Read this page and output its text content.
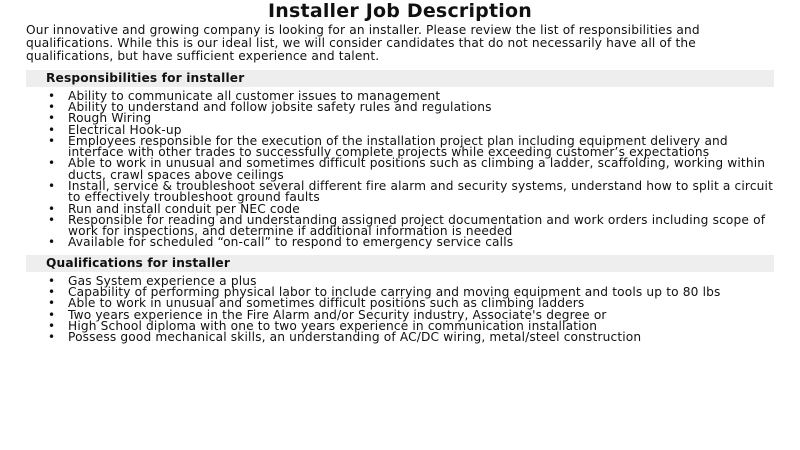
Installer Job Description

Our innovative and growing company is looking for an installer. Please review the list of responsibilities and qualifications. While this is our ideal list, we will consider candidates that do not necessarily have all of the qualifications, but have sufficient experience and talent.

Responsibilities for installer
• Ability to communicate all customer issues to management
• Ability to understand and follow jobsite safety rules and regulations
• Rough Wiring
• Electrical Hook-up
• Employees responsible for the execution of the installation project plan including equipment delivery and interface with other trades to successfully complete projects while exceeding customer’s expectations
• Able to work in unusual and sometimes difficult positions such as climbing a ladder, scaffolding, working within ducts, crawl spaces above ceilings
• Install, service & troubleshoot several different fire alarm and security systems, understand how to split a circuit to effectively troubleshoot ground faults
• Run and install conduit per NEC code
• Responsible for reading and understanding assigned project documentation and work orders including scope of work for inspections, and determine if additional information is needed
• Available for scheduled “on-call” to respond to emergency service calls
Qualifications for installer
• Gas System experience a plus
• Capability of performing physical labor to include carrying and moving equipment and tools up to 80 lbs
• Able to work in unusual and sometimes difficult positions such as climbing ladders
• Two years experience in the Fire Alarm and/or Security industry, Associate's degree or
• High School diploma with one to two years experience in communication installation
• Possess good mechanical skills, an understanding of AC/DC wiring, metal/steel construction
